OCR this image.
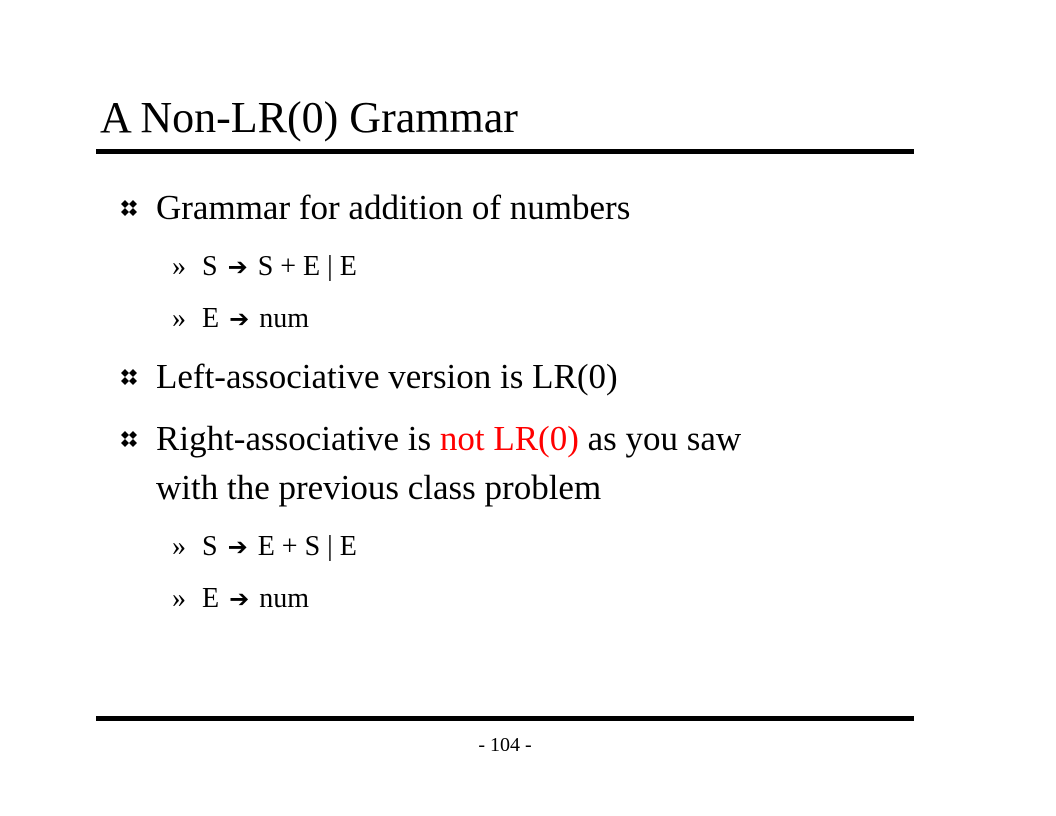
A Non-LR(0) Grammar
Grammar for addition of numbers
» S ➔ S + E | E
» E ➔ num
Left-associative version is LR(0)
Right-associative is not LR(0) as you saw
with the previous class problem
» S ➔ E + S | E
» E ➔ num
- 104 -
